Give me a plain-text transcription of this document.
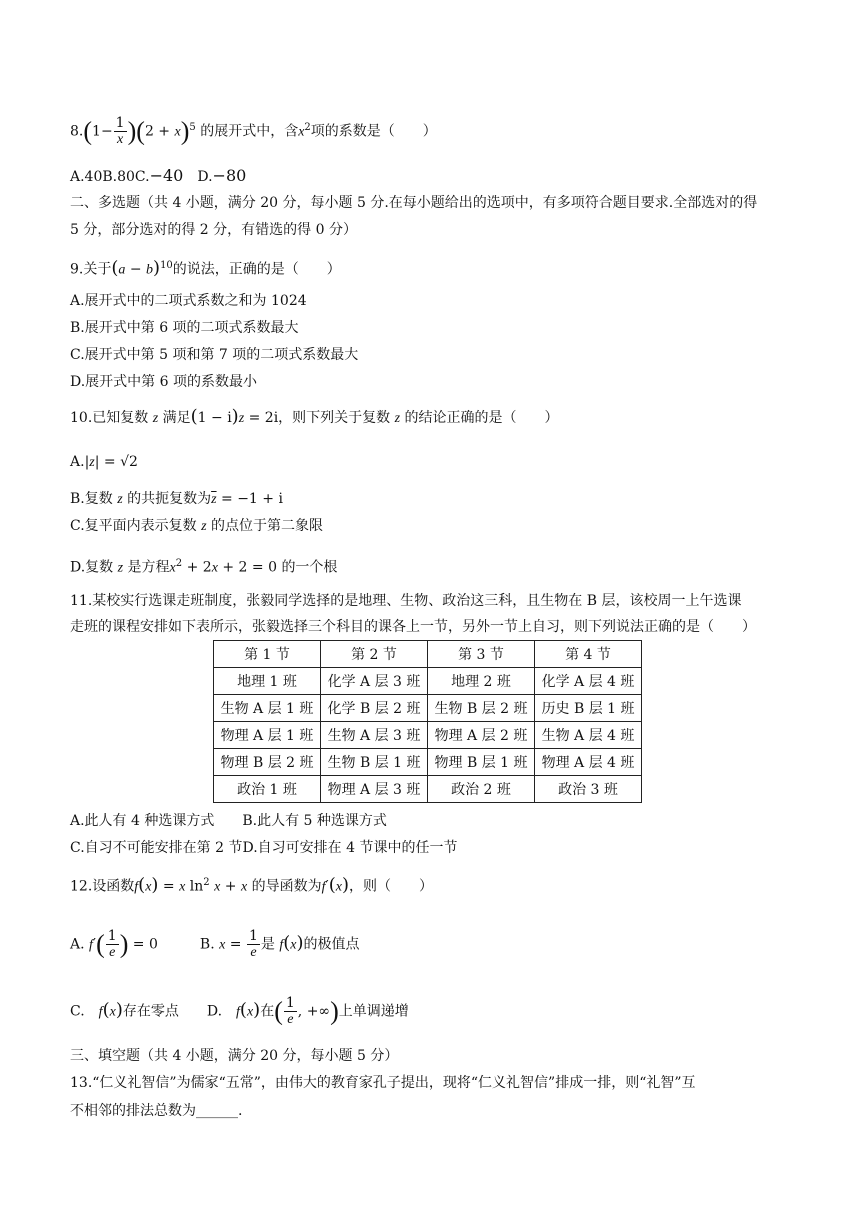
$8.(1- \frac{1}{x} )(2 + x)^5$ 的展开式中，含$x^2$项的系数是（　　）
A.40B.80C.−40　 D.−80
二、多选题（共 4 小题，满分 20 分，每小题 5 分.在每小题给出的选项中，有多项符合题目要求.全部选对的得
5 分，部分选对的得 2 分，有错选的得 0 分）
9.关于$(a - b)^{10}$的说法，正确的是（　　）
A.展开式中的二项式系数之和为 1024
B.展开式中第 6 项的二项式系数最大
C.展开式中第 5 项和第 7 项的二项式系数最大
D.展开式中第 6 项的系数最小
10.已知复数 z 满足(1 − i)z = 2i，则下列关于复数 z 的结论正确的是（　　）
A.|z| = √2
B.复数 z 的共扼复数为$\overline{z} = -1 + i$
C.复平面内表示复数 z 的点位于第二象限
D.复数 z 是方程$x^2 + 2x + 2 = 0$ 的一个根
11.某校实行选课走班制度，张毅同学选择的是地理、生物、政治这三科，且生物在 B 层，该校周一上午选课
走班的课程安排如下表所示，张毅选择三个科目的课各上一节，另外一节上自习，则下列说法正确的是（　　）
第 1 节	第 2 节	第 3 节	第 4 节
地理 1 班	化学 A 层 3 班	地理 2 班	化学 A 层 4 班
生物 A 层 1 班	化学 B 层 2 班	生物 B 层 2 班	历史 B 层 1 班
物理 A 层 1 班	生物 A 层 3 班	物理 A 层 2 班	生物 A 层 4 班
物理 B 层 2 班	生物 B 层 1 班	物理 B 层 1 班	物理 A 层 4 班
政治 1 班	物理 A 层 3 班	政治 2 班	政治 3 班
A.此人有 4 种选课方式　　B.此人有 5 种选课方式
C.自习不可能安排在第 2 节D.自习可安排在 4 节课中的任一节
12.设函数f(x) = x $\ln^2 x + x$ 的导函数为f′(x)，则（　　）
A. $f'( \frac{1}{e}$ ) = 0　　　B. $x = \frac{1}{e}$ 是 f(x)的极值点
C.　 f(x)存在零点　　 D.　 f(x)在( $\frac{1}{e}$ , +∞)上单调递增
三、填空题（共 4 小题，满分 20 分，每小题 5 分）
13.“仁义礼智信”为儒家“五常”，由伟大的教育家孔子提出，现将“仁义礼智信”排成一排，则“礼智”互
不相邻的排法总数为______.
